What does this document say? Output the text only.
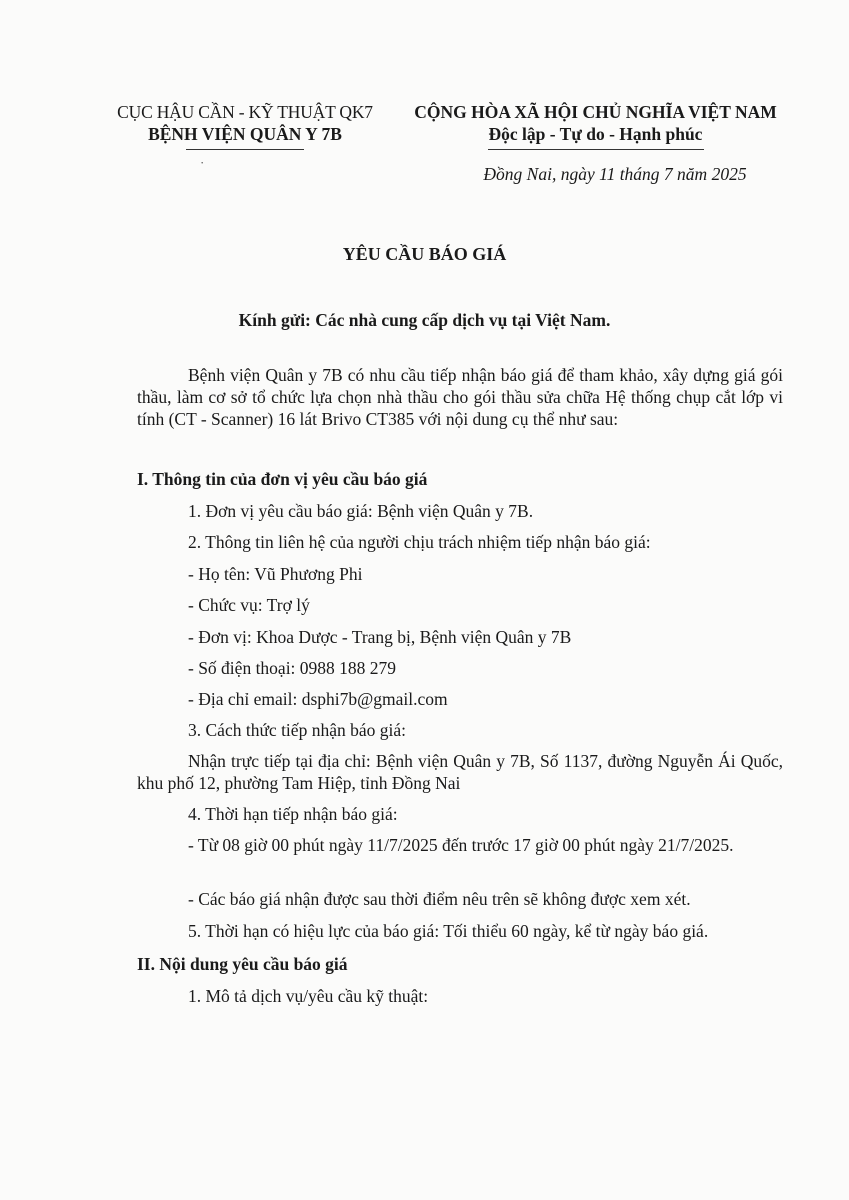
CỤC HẬU CẦN - KỸ THUẬT QK7
BỆNH VIỆN QUÂN Y 7B
CỘNG HÒA XÃ HỘI CHỦ NGHĨA VIỆT NAM
Độc lập - Tự do - Hạnh phúc
·
Đồng Nai, ngày 11 tháng 7 năm 2025
YÊU CẦU BÁO GIÁ
Kính gửi: Các nhà cung cấp dịch vụ tại Việt Nam.
Bệnh viện Quân y 7B có nhu cầu tiếp nhận báo giá để tham khảo, xây dựng giá gói thầu, làm cơ sở tổ chức lựa chọn nhà thầu cho gói thầu sửa chữa Hệ thống chụp cắt lớp vi tính (CT - Scanner) 16 lát Brivo CT385 với nội dung cụ thể như sau:
I. Thông tin của đơn vị yêu cầu báo giá
1. Đơn vị yêu cầu báo giá: Bệnh viện Quân y 7B.
2. Thông tin liên hệ của người chịu trách nhiệm tiếp nhận báo giá:
- Họ tên: Vũ Phương Phi
- Chức vụ: Trợ lý
- Đơn vị: Khoa Dược - Trang bị, Bệnh viện Quân y 7B
- Số điện thoại: 0988 188 279
- Địa chỉ email: dsphi7b@gmail.com
3. Cách thức tiếp nhận báo giá:
Nhận trực tiếp tại địa chỉ: Bệnh viện Quân y 7B, Số 1137, đường Nguyễn Ái Quốc, khu phố 12, phường Tam Hiệp, tỉnh Đồng Nai
4. Thời hạn tiếp nhận báo giá:
- Từ 08 giờ 00 phút ngày 11/7/2025 đến trước 17 giờ 00 phút ngày 21/7/2025.
- Các báo giá nhận được sau thời điểm nêu trên sẽ không được xem xét.
5. Thời hạn có hiệu lực của báo giá: Tối thiểu 60 ngày, kể từ ngày báo giá.
II. Nội dung yêu cầu báo giá
1. Mô tả dịch vụ/yêu cầu kỹ thuật:
